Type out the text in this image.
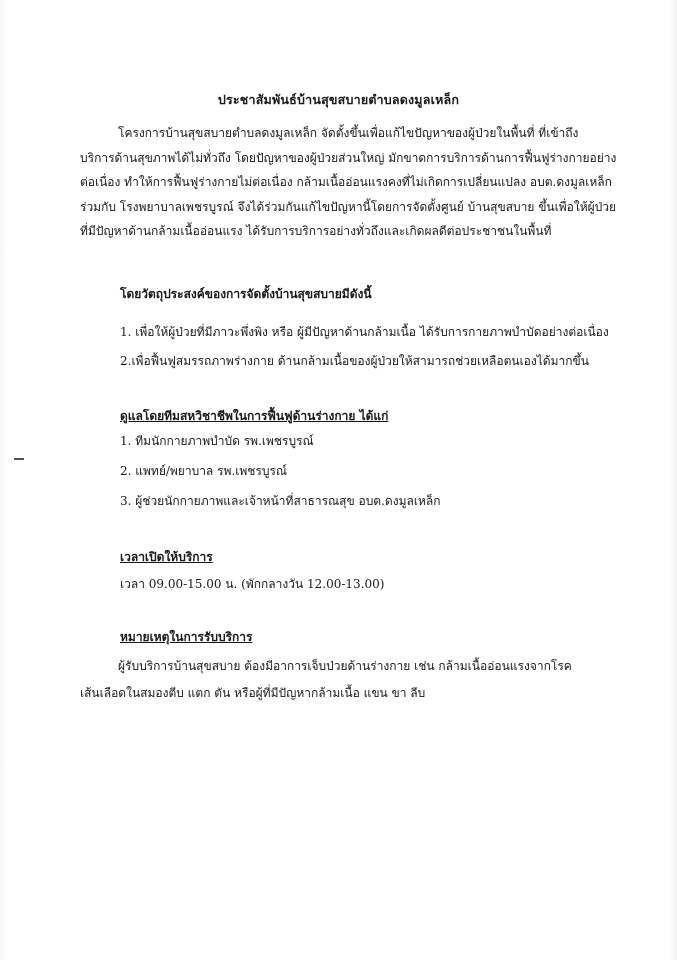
ประชาสัมพันธ์บ้านสุขสบายตำบลดงมูลเหล็ก
โครงการบ้านสุขสบายตำบลดงมูลเหล็ก จัดตั้งขึ้นเพื่อแก้ไขปัญหาของผู้ป่วยในพื้นที่ ที่เข้าถึง
บริการด้านสุขภาพได้ไม่ทั่วถึง โดยปัญหาของผู้ป่วยส่วนใหญ่ มักขาดการบริการด้านการฟื้นฟูร่างกายอย่าง
ต่อเนื่อง ทำให้การฟื้นฟูร่างกายไม่ต่อเนื่อง กล้ามเนื้ออ่อนแรงคงที่ไม่เกิดการเปลี่ยนแปลง อบต.ดงมูลเหล็ก
ร่วมกับ โรงพยาบาลเพชรบูรณ์ จึงได้ร่วมกันแก้ไขปัญหานี้โดยการจัดตั้งศูนย์ บ้านสุขสบาย ขึ้นเพื่อให้ผู้ป่วย
ที่มีปัญหาด้านกล้ามเนื้ออ่อนแรง ได้รับการบริการอย่างทั่วถึงและเกิดผลดีต่อประชาชนในพื้นที่
โดยวัตถุประสงค์ของการจัดตั้งบ้านสุขสบายมีดังนี้
1. เพื่อให้ผู้ป่วยที่มีภาวะพึ่งพิง หรือ ผู้มีปัญหาด้านกล้ามเนื้อ ได้รับการกายภาพบำบัดอย่างต่อเนื่อง
2.เพื่อฟื้นฟูสมรรถภาพร่างกาย ด้านกล้ามเนื้อของผู้ป่วยให้สามารถช่วยเหลือตนเองได้มากขึ้น
ดูแลโดยทีมสหวิชาชีพในการฟื้นฟูด้านร่างกาย ได้แก่
1. ทีมนักกายภาพบำบัด รพ.เพชรบูรณ์
2. แพทย์/พยาบาล รพ.เพชรบูรณ์
3. ผู้ช่วยนักกายภาพและเจ้าหน้าที่สาธารณสุข อบต.ดงมูลเหล็ก
เวลาเปิดให้บริการ
เวลา 09.00-15.00 น. (พักกลางวัน 12.00-13.00)
หมายเหตุในการรับบริการ
ผู้รับบริการบ้านสุขสบาย ต้องมีอาการเจ็บป่วยด้านร่างกาย เช่น กล้ามเนื้ออ่อนแรงจากโรค
เส้นเลือดในสมองตีบ แตก ตัน หรือผู้ที่มีปัญหากล้ามเนื้อ แขน ขา ลีบ
